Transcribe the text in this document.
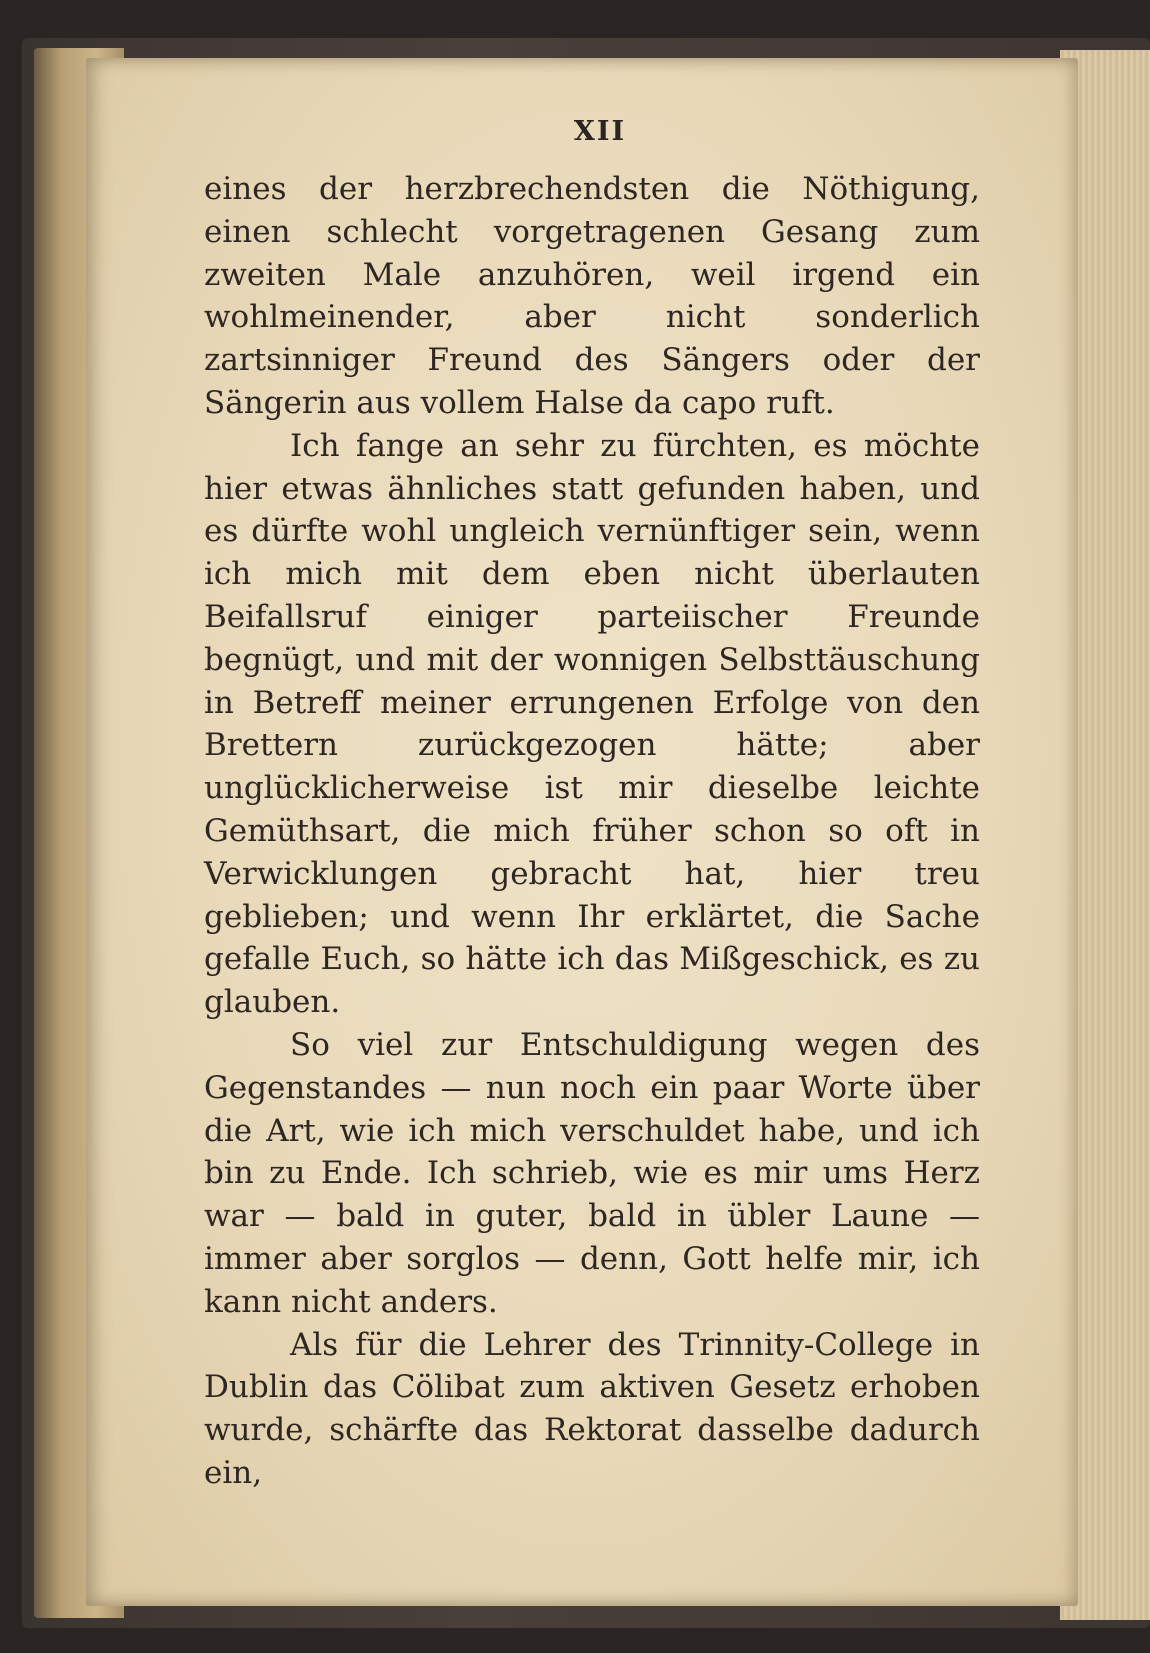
XII

eines der herzbrechendsten die Nöthigung, einen schlecht vorgetragenen Gesang zum zweiten Male anzuhören, weil irgend ein wohlmeinender, aber nicht sonderlich zartsinniger Freund des Sängers oder der Sängerin aus vollem Halse da capo ruft.

Ich fange an sehr zu fürchten, es möchte hier etwas ähnliches statt gefunden haben, und es dürfte wohl ungleich vernünftiger sein, wenn ich mich mit dem eben nicht überlauten Beifallsruf einiger parteiischer Freunde begnügt, und mit der wonnigen Selbsttäuschung in Betreff meiner errungenen Erfolge von den Brettern zurückgezogen hätte; aber unglücklicherweise ist mir dieselbe leichte Gemüthsart, die mich früher schon so oft in Verwicklungen gebracht hat, hier treu geblieben; und wenn Ihr erklärtet, die Sache gefalle Euch, so hätte ich das Mißgeschick, es zu glauben.

So viel zur Entschuldigung wegen des Gegenstandes — nun noch ein paar Worte über die Art, wie ich mich verschuldet habe, und ich bin zu Ende. Ich schrieb, wie es mir ums Herz war — bald in guter, bald in übler Laune — immer aber sorglos — denn, Gott helfe mir, ich kann nicht anders.

Als für die Lehrer des Trinnity-College in Dublin das Cölibat zum aktiven Gesetz erhoben wurde, schärfte das Rektorat dasselbe dadurch ein,
